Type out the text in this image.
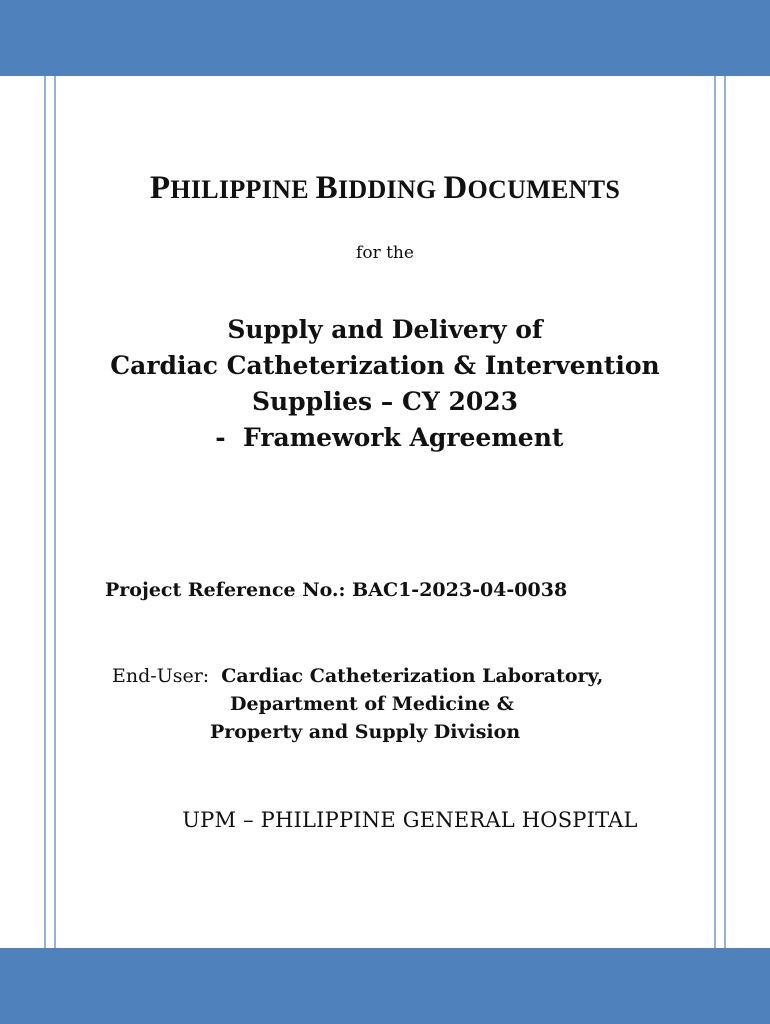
PHILIPPINE BIDDING DOCUMENTS
for the
Supply and Delivery of
Cardiac Catheterization & Intervention
Supplies – CY 2023
-  Framework Agreement
Project Reference No.: BAC1-2023-04-0038
End-User: Cardiac Catheterization Laboratory,
Department of Medicine &
Property and Supply Division
UPM – PHILIPPINE GENERAL HOSPITAL
